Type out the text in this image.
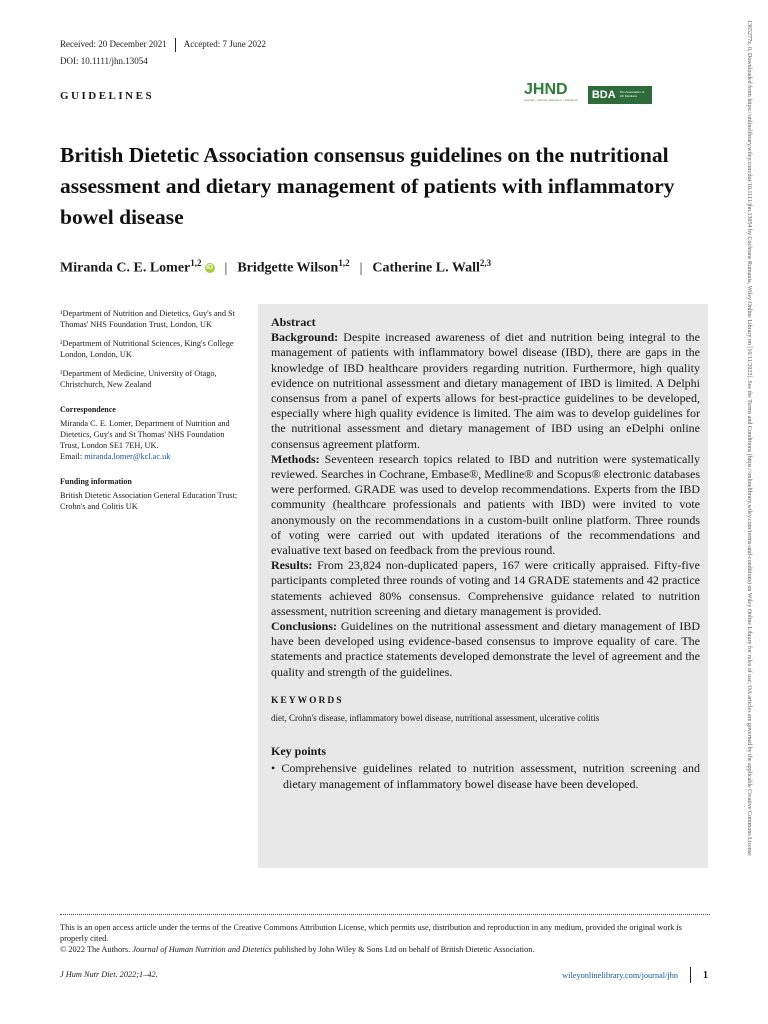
Received: 20 December 2021 Accepted: 7 June 2022
DOI: 10.1111/jhn.13054
GUIDELINES	JHND
journal • human dietetics • dietetics BDA The Association of UK Dietitians
British Dietetic Association consensus guidelines on the nutritional assessment and dietary management of patients with inflammatory bowel disease
Miranda C. E. Lomer$^{1,2}$ iD | Bridgette Wilson$^{1,2}$ | Catherine L. Wall$^{2,3}$

¹Department of Nutrition and Dietetics, Guy's and St Thomas' NHS Foundation Trust, London, UK

²Department of Nutritional Sciences, King's College London, London, UK

³Department of Medicine, University of Otago, Christchurch, New Zealand

Correspondence

Miranda C. E. Lomer, Department of Nutrition and Dietetics, Guy's and St Thomas' NHS Foundation Trust, London SE1 7EH, UK.
Email: miranda.lomer@kcl.ac.uk

Funding information

British Dietetic Association General Education Trust; Crohn's and Colitis UK

Abstract

Background: Despite increased awareness of diet and nutrition being integral to the management of patients with inflammatory bowel disease (IBD), there are gaps in the knowledge of IBD healthcare providers regarding nutrition. Furthermore, high quality evidence on nutritional assessment and dietary management of IBD is limited. A Delphi consensus from a panel of experts allows for best-practice guidelines to be developed, especially where high quality evidence is limited. The aim was to develop guidelines for the nutritional assessment and dietary management of IBD using an eDelphi online consensus agreement platform.

Methods: Seventeen research topics related to IBD and nutrition were systematically reviewed. Searches in Cochrane, Embase®, Medline® and Scopus® electronic databases were performed. GRADE was used to develop recommendations. Experts from the IBD community (healthcare professionals and patients with IBD) were invited to vote anonymously on the recommendations in a custom-built online platform. Three rounds of voting were carried out with updated iterations of the recommendations and evaluative text based on feedback from the previous round.

Results: From 23,824 non-duplicated papers, 167 were critically appraised. Fifty-five participants completed three rounds of voting and 14 GRADE statements and 42 practice statements achieved 80% consensus. Comprehensive guidance related to nutrition assessment, nutrition screening and dietary management is provided.

Conclusions: Guidelines on the nutritional assessment and dietary management of IBD have been developed using evidence-based consensus to improve equality of care. The statements and practice statements developed demonstrate the level of agreement and the quality and strength of the guidelines.

KEYWORDS

diet, Crohn's disease, inflammatory bowel disease, nutritional assessment, ulcerative colitis

Key points

• Comprehensive guidelines related to nutrition assessment, nutrition screening and dietary management of inflammatory bowel disease have been developed.

This is an open access article under the terms of the Creative Commons Attribution License, which permits use, distribution and reproduction in any medium, provided the original work is properly cited.

© 2022 The Authors. Journal of Human Nutrition and Dietetics published by John Wiley & Sons Ltd on behalf of British Dietetic Association.

J Hum Nutr Diet. 2022;1–42.	wileyonlinelibrary.com/journal/jhn	1
1365277x, 0, Downloaded from https://onlinelibrary.wiley.com/doi/10.1111/jhn.13054 by Cochrane Romania, Wiley Online Library on [16/11/2022]. See the Terms and Conditions (https://onlinelibrary.wiley.com/terms-and-conditions) on Wiley Online Library for rules of use; OA articles are governed by the applicable Creative Commons License
